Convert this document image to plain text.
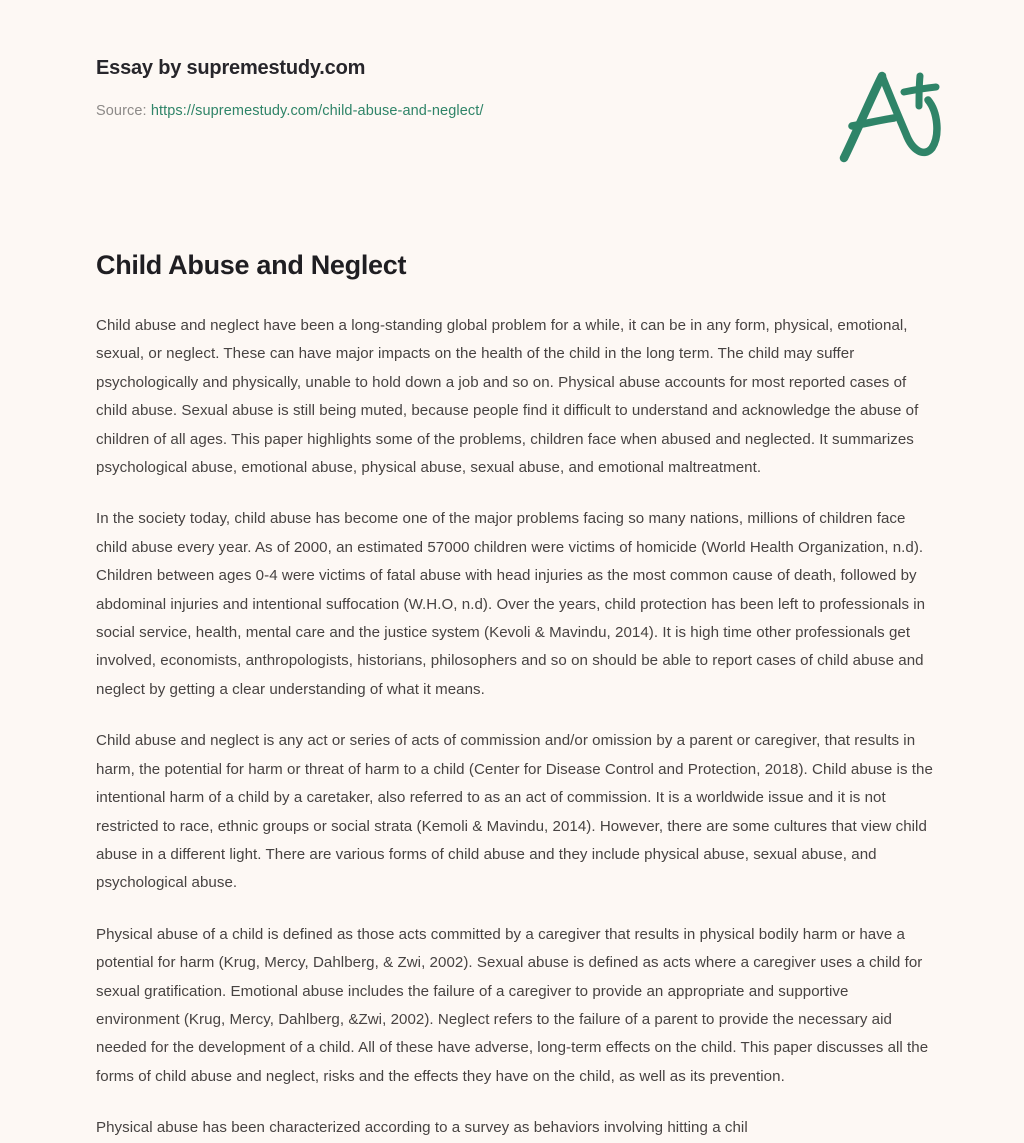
Essay by supremestudy.com

Source: https://supremestudy.com/child-abuse-and-neglect/

Child Abuse and Neglect

Child abuse and neglect have been a long-standing global problem for a while, it can be in any form, physical, emotional, sexual, or neglect. These can have major impacts on the health of the child in the long term. The child may suffer psychologically and physically, unable to hold down a job and so on. Physical abuse accounts for most reported cases of child abuse. Sexual abuse is still being muted, because people find it difficult to understand and acknowledge the abuse of children of all ages. This paper highlights some of the problems, children face when abused and neglected. It summarizes psychological abuse, emotional abuse, physical abuse, sexual abuse, and emotional maltreatment.

In the society today, child abuse has become one of the major problems facing so many nations, millions of children face child abuse every year. As of 2000, an estimated 57000 children were victims of homicide (World Health Organization, n.d). Children between ages 0-4 were victims of fatal abuse with head injuries as the most common cause of death, followed by abdominal injuries and intentional suffocation (W.H.O, n.d). Over the years, child protection has been left to professionals in social service, health, mental care and the justice system (Kevoli & Mavindu, 2014). It is high time other professionals get involved, economists, anthropologists, historians, philosophers and so on should be able to report cases of child abuse and neglect by getting a clear understanding of what it means.

Child abuse and neglect is any act or series of acts of commission and/or omission by a parent or caregiver, that results in harm, the potential for harm or threat of harm to a child (Center for Disease Control and Protection, 2018). Child abuse is the intentional harm of a child by a caretaker, also referred to as an act of commission. It is a worldwide issue and it is not restricted to race, ethnic groups or social strata (Kemoli & Mavindu, 2014). However, there are some cultures that view child abuse in a different light. There are various forms of child abuse and they include physical abuse, sexual abuse, and psychological abuse.

Physical abuse of a child is defined as those acts committed by a caregiver that results in physical bodily harm or have a potential for harm (Krug, Mercy, Dahlberg, & Zwi, 2002). Sexual abuse is defined as acts where a caregiver uses a child for sexual gratification. Emotional abuse includes the failure of a caregiver to provide an appropriate and supportive environment (Krug, Mercy, Dahlberg, &Zwi, 2002). Neglect refers to the failure of a parent to provide the necessary aid needed for the development of a child. All of these have adverse, long-term effects on the child. This paper discusses all the forms of child abuse and neglect, risks and the effects they have on the child, as well as its prevention.

Physical abuse has been characterized according to a survey as behaviors involving hitting a chil
